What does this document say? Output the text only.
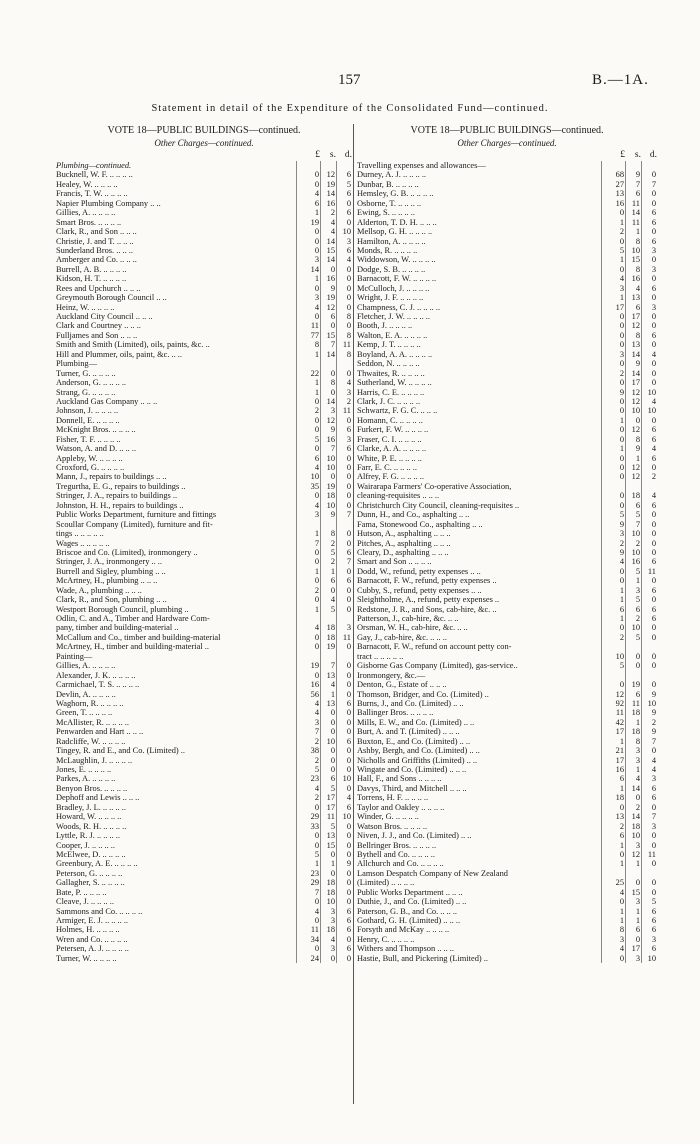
157	B.—1A.
Statement in detail of the Expenditure of the Consolidated Fund—continued.
VOTE 18—PUBLIC BUILDINGS—continued.
Other Charges—continued.
£	s. d.
Plumbing—continued.
Bucknell, W. F. .. .. .. ..	0 12	6
Healey, W. .. .. .. ..	0 19	5
Francis, T. W. .. .. .. ..	4 14	6
Napier Plumbing Company .. ..	6 16	0
Gillies, A. .. .. .. ..	1	2	6
Smart Bros. .. .. .. ..	19	4	0
Clark, R., and Son .. .. ..	0	4 10
Christie, J. and T. .. .. ..	0 14	3
Sunderland Bros. .. .. ..	0 15	6
Amberger and Co. .. .. ..	3 14	4
Burrell, A. B. .. .. .. ..	14	0	0
Kidson, H. T. .. .. .. ..	1 16	0
Rees and Upchurch .. .. ..	0	9	0
Greymouth Borough Council .. ..	3 19	0
Heinz, W. .. .. .. ..	4 12	0
Auckland City Council .. .. ..	0	6	8
Clark and Courtney .. .. ..	11	0	0
Fulljames and Son .. .. ..	77 15	8
Smith and Smith (Limited), oils, paints, &c. ..	8	7 11
Hill and Plummer, oils, paint, &c. .. ..	1 14	8
Plumbing—
Turner, G. .. .. .. ..	22	0	0
Anderson, G. .. .. .. ..	1	8	4
Strang, G. .. .. .. ..	1	0	3
Auckland Gas Company .. .. ..	0 14	2
Johnson, J. .. .. .. ..	2	3 11
Donnell, E. .. .. .. ..	0 12	0
McKnight Bros. .. .. .. ..	0	9	6
Fisher, T. F. .. .. .. ..	5 16	3
Watson, A. and D. .. .. ..	0	7	6
Appleby, W. .. .. .. ..	6 10	0
Croxford, G. .. .. .. ..	4 10	0
Mann, J., repairs to buildings .. ..	10	0	0
Tregurtha, E. G., repairs to buildings ..	35 19	0
Stringer, J. A., repairs to buildings ..	0 18	0
Johnston, H. H., repairs to buildings ..	4 10	0
Public Works Department, furniture and fittings	3	9	7
Scoullar Company (Limited), furniture and fit-
tings .. .. .. .. ..	1	8	0
Wages .. .. .. .. ..	7	2	0
Briscoe and Co. (Limited), ironmongery ..	0	5	6
Stringer, J. A., ironmongery .. ..	0	2	7
Burrell and Sigley, plumbing .. ..	1	1	0
McArtney, H., plumbing .. .. ..	0	6	6
Wade, A., plumbing .. .. ..	2	0	0
Clark, R., and Son, plumbing .. ..	0	4	0
Westport Borough Council, plumbing ..	1	5	0
Odlin, C. and A., Timber and Hardware Com-
pany, timber and building-material ..	4 18	3
McCallum and Co., timber and building-material	0 18 11
McArtney, H., timber and building-material ..	0 19	0
Painting—
Gillies, A. .. .. .. ..	19	7	0
Alexander, J. K. .. .. .. ..	0 13	0
Carmichael, T. S. .. .. .. ..	16	4	0
Devlin, A. .. .. .. ..	56	1	0
Waghorn, R. .. .. .. ..	4 13	6
Green, T. .. .. .. ..	4	0	0
McAllister, R. .. .. .. ..	3	0	0
Penwarden and Hart .. .. ..	7	0	0
Radcliffe, W. .. .. .. ..	2 10	6
Tingey, R. and E., and Co. (Limited) ..	38	0	0
McLaughlin, J. .. .. .. ..	2	0	0
Jones, E. .. .. .. ..	5	0	0
Parkes, A. .. .. .. ..	23	6 10
Benyon Bros. .. .. .. ..	4	5	0
Dephoff and Lewis .. .. ..	2 17	4
Bradley, J. L. .. .. .. ..	0 17	6
Howard, W. .. .. .. ..	29 11 10
Woods, R. H. .. .. .. ..	33	5	0
Lyttle, R. J. .. .. .. ..	0 13	0
Cooper, J. .. .. .. ..	0 15	0
McElwee, D. .. .. .. ..	5	0	0
Greenbury, A. E. .. .. .. ..	1	1	9
Peterson, G. .. .. .. ..	23	0	0
Gallagher, S. .. .. .. ..	29 18	0
Bate, P. .. .. .. ..	7 18	0
Cleave, J. .. .. .. ..	0 10	0
Sammons and Co. .. .. .. ..	4	3	6
Armiger, E. J. .. .. .. ..	0	3	6
Holmes, H. .. .. .. ..	11 18	6
Wren and Co. .. .. .. ..	34	4	0
Petersen, A. J. .. .. .. ..	0	3	6
Turner, W. .. .. .. ..	24	0	0
VOTE 18—PUBLIC BUILDINGS—continued.
Other Charges—continued.
£	s. d.
Travelling expenses and allowances—
Durney, A. J. .. .. .. ..	68	9	0
Dunbar, B. .. .. .. ..	27	7	7
Hemsley, G. B. .. .. .. ..	13	6	0
Osborne, T. .. .. .. ..	16 11	0
Ewing, S. .. .. .. ..	0 14	6
Alderton, T. D. H. .. .. ..	1 11	6
Mellsop, G. H. .. .. .. ..	2	1	0
Hamilton, A. .. .. .. ..	0	8	6
Monds, R. .. .. .. ..	5 10	3
Widdowson, W. .. .. .. ..	1 15	0
Dodge, S. B. .. .. .. ..	0	8	3
Barnacott, F. W. .. .. .. ..	4 16	0
McCulloch, J. .. .. .. ..	3	4	6
Wright, J. F. .. .. .. ..	1 13	0
Champness, C. J. .. .. .. ..	17	6	3
Fletcher, J. W. .. .. .. ..	0 17	0
Booth, J. .. .. .. ..	0 12	0
Walton, E. A. .. .. .. ..	0	8	6
Kemp, J. T. .. .. .. ..	0 13	0
Boyland, A. A. .. .. .. ..	3 14	4
Seddon, N. .. .. .. ..	0	9	0
Thwaites, R. .. .. .. ..	2 14	0
Sutherland, W. .. .. .. ..	0 17	0
Harris, C. E. .. .. .. ..	9 12 10
Clark, J. C. .. .. .. ..	0 12	4
Schwartz, F. G. C. .. .. ..	0 10 10
Homann, C. .. .. .. ..	1	0	0
Furkert, F. W. .. .. .. ..	0 12	6
Fraser, C. I. .. .. .. ..	0	8	6
Clarke, A. A. .. .. .. ..	1	9	4
White, P. E. .. .. .. ..	0	1	6
Farr, E. C. .. .. .. ..	0 12	0
Alfrey, F. G. .. .. .. ..	0 12	2
Wairarapa Farmers' Co-operative Association,
cleaning-requisites .. .. ..	0 18	4
Christchurch City Council, cleaning-requisites ..	0	6	6
Dunn, H., and Co., asphalting .. ..	5	5	0
Fama, Stonewood Co., asphalting .. ..	9	7	0
Hutson, A., asphalting .. .. ..	3 10	0
Pitches, A., asphalting .. .. ..	2	2	0
Cleary, D., asphalting .. .. ..	9 10	0
Smart and Son .. .. .. ..	4 16	6
Dodd, W., refund, petty expenses .. ..	0	5 11
Barnacott, F. W., refund, petty expenses ..	0	1	0
Cubby, S., refund, petty expenses .. ..	1	3	6
Sleightholme, A., refund, petty expenses ..	1	5	0
Redstone, J. R., and Sons, cab-hire, &c. ..	6	6	6
Patterson, J., cab-hire, &c. .. ..	1	2	6
Orsman, W. H., cab-hire, &c. .. ..	0 10	0
Gay, J., cab-hire, &c. .. .. ..	2	5	0
Barnacott, F. W., refund on account petty con-
tract .. .. .. .. ..	10	0	0
Gisborne Gas Company (Limited), gas-service..	5	0	0
Ironmongery, &c.—
Denton, G., Estate of .. .. ..	0 19	0
Thomson, Bridger, and Co. (Limited) ..	12	6	9
Burns, J., and Co. (Limited) .. ..	92 11 10
Ballinger Bros. .. .. .. ..	11 18	9
Mills, E. W., and Co. (Limited) .. ..	42	1	2
Burt, A. and T. (Limited) .. .. ..	17 18	9
Buxton, E., and Co. (Limited) .. ..	1	8	7
Ashby, Bergh, and Co. (Limited) .. ..	21	3	0
Nicholls and Griffiths (Limited) .. ..	17	3	4
Wingate and Co. (Limited) .. .. ..	16	1	4
Hall, F., and Sons .. .. .. ..	6	4	3
Davys, Third, and Mitchell .. .. ..	1 14	6
Torrens, H. F. .. .. .. ..	18	0	6
Taylor and Oakley .. .. .. ..	0	2	0
Winder, G. .. .. .. ..	13 14	7
Watson Bros. .. .. .. ..	2 18	3
Niven, J. J., and Co. (Limited) .. ..	6 10	0
Bellringer Bros. .. .. .. ..	1	3	0
Bythell and Co. .. .. .. ..	0 12 11
Allchurch and Co. .. .. .. ..	1	1	0
Lamson Despatch Company of New Zealand
(Limited) .. .. .. ..	25	0	0
Public Works Department .. .. ..	4 15	0
Duthie, J., and Co. (Limited) .. ..	0	3	5
Paterson, G. B., and Co. .. .. ..	1	1	6
Gothard, G. H. (Limited) .. .. ..	1	1	6
Forsyth and McKay .. .. .. ..	8	6	6
Henry, C. .. .. .. ..	3	0	3
Withers and Thompson .. .. ..	4 17	6
Hastie, Bull, and Pickering (Limited) ..	0	3 10
